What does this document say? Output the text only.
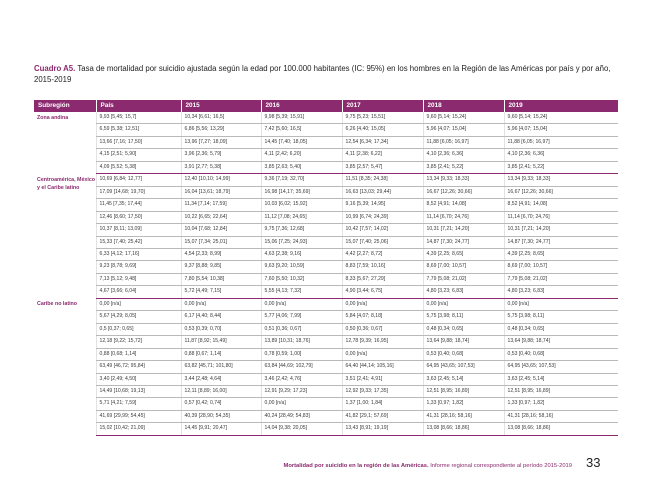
Cuadro A5. Tasa de mortalidad por suicidio ajustada según la edad por 100.000 habitantes (IC: 95%) en los hombres en la Región de las Américas por país y por año, 2015-2019
Subregión	País	2015	2016	2017	2018	2019
Zona andina	9,93 [5,45; 15,7]	10,34 [6,61; 16,5]	9,98 [5,39; 15,91]	9,75 [5,23; 15,51]	9,60 [5,14; 15,24]	9,60 [5,14; 15,24]
	6,59 [5,38; 12,51]	6,86 [5,56; 13,29]	7,42 [5,60; 16,5]	6,26 [4,40; 15,05]	5,96 [4,07; 15,04]	5,96 [4,07; 15,04]
	13,66 [7,16; 17,50]	13,96 [7,27; 18,09]	14,45 [7,40; 18,05]	12,54 [6,34; 17,34]	11,88 [6,05; 16,97]	11,88 [6,05; 16,97]
	4,15 [2,51; 5,90]	3,96 [2,36; 5,79]	4,11 [2,42; 6,20]	4,11 [2,38; 6,22]	4,10 [2,36; 6,36]	4,10 [2,36; 6,36]
	4,09 [5,52; 5,38]	3,91 [2,77; 5,38]	3,85 [2,63; 5,40]	3,85 [2,57; 5,47]	3,85 [2,41; 5,22]	3,85 [2,41; 5,22]
Centroamérica, México y el Caribe latino	10,69 [6,84; 12,77]	12,40 [10,10; 14,99]	9,36 [7,19; 32,70]	11,51 [8,35; 24,38]	13,34 [9,33; 18,33]	13,34 [9,33; 18,33]
	17,09 [14,68; 19,70]	16,04 [13,61; 18,79]	16,98 [14,17; 35,69]	16,63 [13,03; 29,44]	16,67 [12,26; 30,66]	16,67 [12,26; 30,66]
	11,45 [7,35; 17,44]	11,34 [7,14; 17,59]	10,03 [6,02; 15,92]	9,16 [5,39; 14,95]	8,52 [4,91; 14,08]	8,52 [4,91; 14,08]
	12,46 [8,60; 17,50]	10,22 [6,65; 22,64]	11,12 [7,08; 24,65]	10,99 [6,74; 24,39]	11,14 [6,70; 24,76]	11,14 [6,70; 24,76]
	10,37 [8,11; 13,09]	10,04 [7,68; 12,84]	9,75 [7,36; 12,68]	10,42 [7,57; 14,02]	10,31 [7,21; 14,20]	10,31 [7,21; 14,20]
	15,33 [7,40; 25,42]	15,07 [7,34; 25,01]	15,06 [7,25; 24,93]	15,07 [7,40; 25,06]	14,87 [7,30; 24,77]	14,87 [7,30; 24,77]
	6,33 [4,12; 17,16]	4,54 [2,33; 8,99]	4,63 [2,38; 9,16]	4,42 [2,27; 8,72]	4,39 [2,25; 8,65]	4,39 [2,25; 8,65]
	9,23 [8,78; 9,69]	9,37 [8,88; 9,85]	9,63 [9,20; 10,59]	8,83 [7,59; 10,16]	8,69 [7,00; 10,57]	8,69 [7,00; 10,57]
	7,13 [5,12; 9,48]	7,80 [5,54; 10,38]	7,60 [5,50; 10,32]	8,33 [5,67; 27,29]	7,79 [5,08; 21,02]	7,79 [5,08; 21,02]
	4,67 [3,66; 6,04]	5,72 [4,49; 7,15]	5,55 [4,13; 7,32]	4,90 [3,44; 6,75]	4,80 [3,23; 6,83]	4,80 [3,23; 6,83]
Caribe no latino	0,00 [n/a]	0,00 [n/a]	0,00 [n/a]	0,00 [n/a]	0,00 [n/a]	0,00 [n/a]
	5,67 [4,29; 8,05]	6,17 [4,40; 8,44]	5,77 [4,06; 7,99]	5,84 [4,07; 8,18]	5,75 [3,98; 8,11]	5,75 [3,98; 8,11]
	0,5 [0,37; 0,65]	0,53 [0,39; 0,70]	0,51 [0,36; 0,67]	0,50 [0,36; 0,67]	0,48 [0,34; 0,65]	0,48 [0,34; 0,65]
	12,18 [9,22; 15,72]	11,87 [8,92; 15,49]	13,89 [10,31; 18,76]	12,78 [9,39; 16,95]	13,64 [9,88; 18,74]	13,64 [9,88; 18,74]
	0,88 [0,68; 1,14]	0,88 [0,67; 1,14]	0,78 [0,59; 1,00]	0,00 [n/a]	0,53 [0,40; 0,68]	0,53 [0,40; 0,68]
	63,49 [46,72; 95,84]	63,82 [45,71; 101,80]	63,84 [44,69; 102,79]	64,40 [44,14; 105,16]	64,95 [43,65; 107,53]	64,95 [43,65; 107,53]
	3,40 [2,49; 4,50]	3,44 [2,48; 4,64]	3,46 [2,42; 4,76]	3,51 [2,41; 4,91]	3,63 [2,45; 5,14]	3,63 [2,45; 5,14]
	14,49 [10,68; 19,13]	12,11 [8,89; 16,00]	12,91 [9,29; 17,23]	12,92 [9,33; 17,35]	12,51 [8,95; 16,89]	12,51 [8,95; 16,89]
	5,71 [4,21; 7,59]	0,57 [0,42; 0,74]	0,00 [n/a]	1,37 [1,00; 1,84]	1,33 [0,97; 1,82]	1,33 [0,97; 1,82]
	41,69 [29,99; 54,45]	40,39 [28,90; 54,35]	40,24 [28,49; 54,83]	41,82 [29,1; 57,69]	41,31 [28,16; 58,16]	41,31 [28,16; 58,16]
	15,02 [10,42; 21,09]	14,45 [9,91; 20,47]	14,04 [9,38; 20,05]	13,43 [8,91; 19,19]	13,08 [8,66; 18,86]	13,08 [8,66; 18,86]
Mortalidad por suicidio en la región de las Américas. Informe regional correspondiente al período 2015-2019 33
